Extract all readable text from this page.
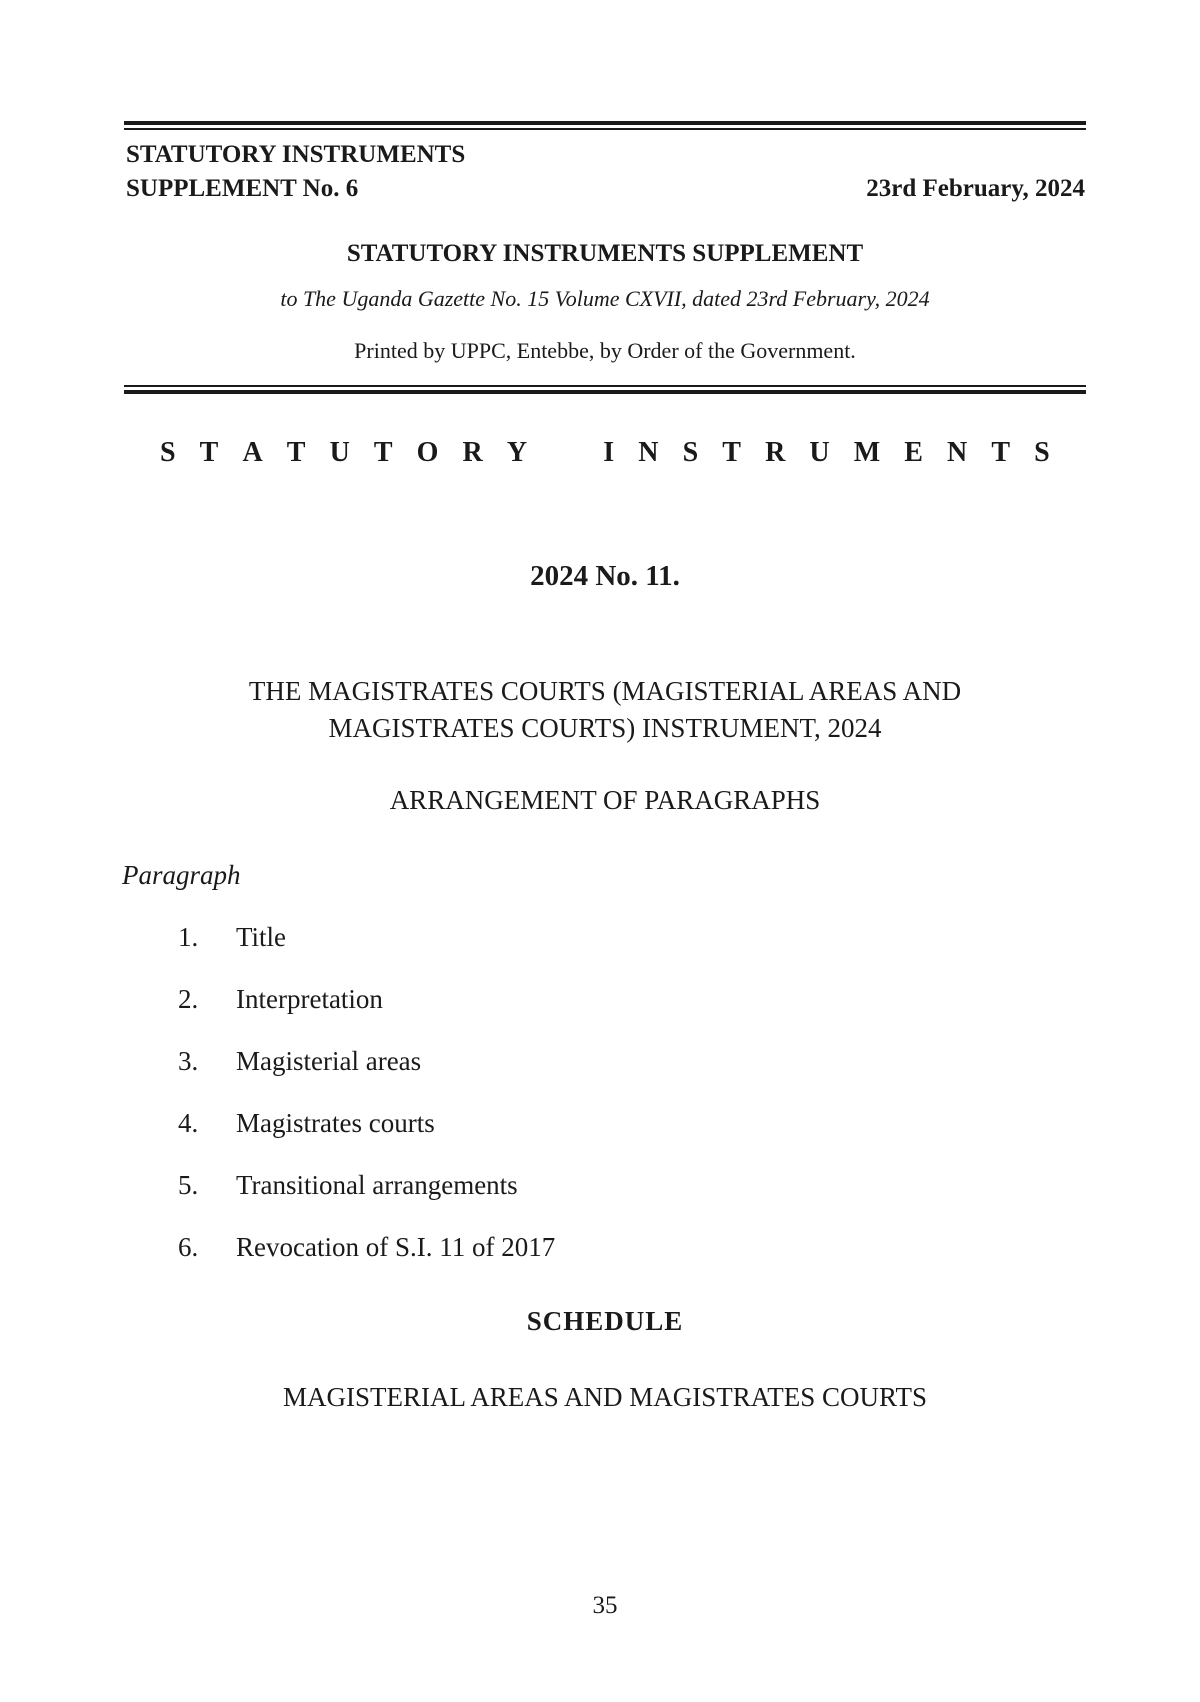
STATUTORY INSTRUMENTS
SUPPLEMENT No. 6	23rd February, 2024
STATUTORY INSTRUMENTS SUPPLEMENT
to The Uganda Gazette No. 15 Volume CXVII, dated 23rd February, 2024
Printed by UPPC, Entebbe, by Order of the Government.
S T A T U T O R Y	I N S T R U M E N T S
2024 No. 11.
THE MAGISTRATES COURTS (MAGISTERIAL AREAS AND
MAGISTRATES COURTS) INSTRUMENT, 2024
ARRANGEMENT OF PARAGRAPHS
Paragraph
1. Title
2. Interpretation
3. Magisterial areas
4. Magistrates courts
5. Transitional arrangements
6. Revocation of S.I. 11 of 2017
SCHEDULE
MAGISTERIAL AREAS AND MAGISTRATES COURTS
35
